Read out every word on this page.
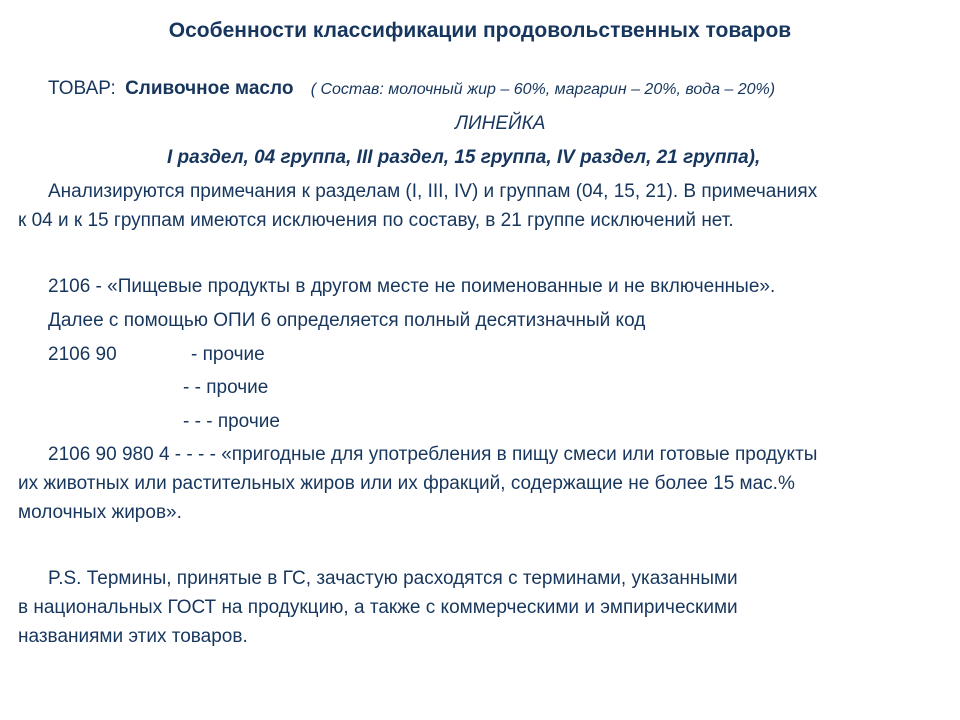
Особенности классификации продовольственных товаров
ТОВАР: Сливочное масло ( Состав: молочный жир – 60%, маргарин – 20%, вода – 20%)
ЛИНЕЙКА
I раздел, 04 группа, III раздел, 15 группа, IV раздел, 21 группа),
Анализируются примечания к разделам (I, III, IV) и группам (04, 15, 21). В примечаниях
к 04 и к 15 группам имеются исключения по составу, в 21 группе исключений нет.
2106 - «Пищевые продукты в другом месте не поименованные и не включенные».
Далее с помощью ОПИ 6 определяется полный десятизначный код
2106 90	- прочие
- - прочие
- - - прочие
2106 90 980 4 - - - - «пригодные для употребления в пищу смеси или готовые продукты
их животных или растительных жиров или их фракций, содержащие не более 15 мас.%
молочных жиров».
P.S. Термины, принятые в ГС, зачастую расходятся с терминами, указанными
в национальных ГОСТ на продукцию, а также с коммерческими и эмпирическими
названиями этих товаров.
